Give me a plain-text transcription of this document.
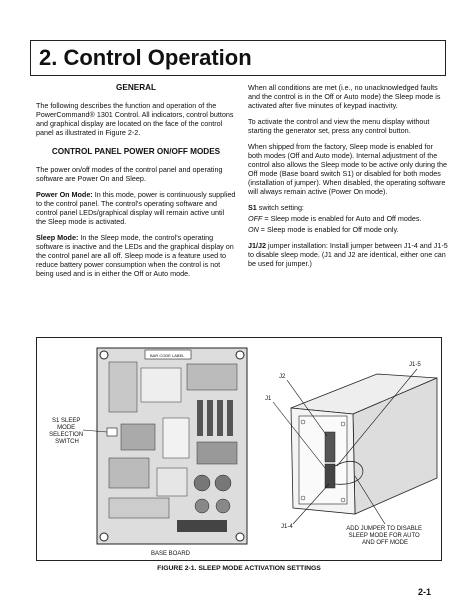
2. Control Operation
GENERAL

The following describes the function and operation of the PowerCommand® 1301 Control. All indicators, control buttons and graphical display are located on the face of the control panel as illustrated in Figure 2-2.

CONTROL PANEL POWER ON/OFF MODES

The power on/off modes of the control panel and operating software are Power On and Sleep.

Power On Mode: In this mode, power is continuously supplied to the control panel. The control's operating software and control panel LEDs/graphical display will remain active until the Sleep mode is activated.

Sleep Mode: In the Sleep mode, the control's operating software is inactive and the LEDs and the graphical display on the control panel are all off. Sleep mode is a feature used to reduce battery power consumption when the control is not being used and is in either the Off or Auto mode.

When all conditions are met (i.e., no unacknowledged faults and the control is in the Off or Auto mode) the Sleep mode is activated after five minutes of keypad inactivity.

To activate the control and view the menu display without starting the generator set, press any control button.

When shipped from the factory, Sleep mode is enabled for both modes (Off and Auto mode). Internal adjustment of the control also allows the Sleep mode to be active only during the Off mode (Base board switch S1) or disabled for both modes (installation of jumper). When disabled, the operating software will always remain active (Power On mode).

S1 switch setting:

OFF = Sleep mode is enabled for Auto and Off modes.

ON = Sleep mode is enabled for Off mode only.

J1/J2 jumper installation: Install jumper between J1-4 and J1-5 to disable sleep mode. (J1 and J2 are identical, either one can be used for jumper.)

BAR CODE LABEL
S1 SLEEP MODE SELECTION SWITCH
BASE BOARD
J1-5
J2
J1
J1-4	ADD JUMPER TO DISABLE SLEEP MODE FOR AUTO AND OFF MODE
FIGURE 2-1. SLEEP MODE ACTIVATION SETTINGS
2-1
